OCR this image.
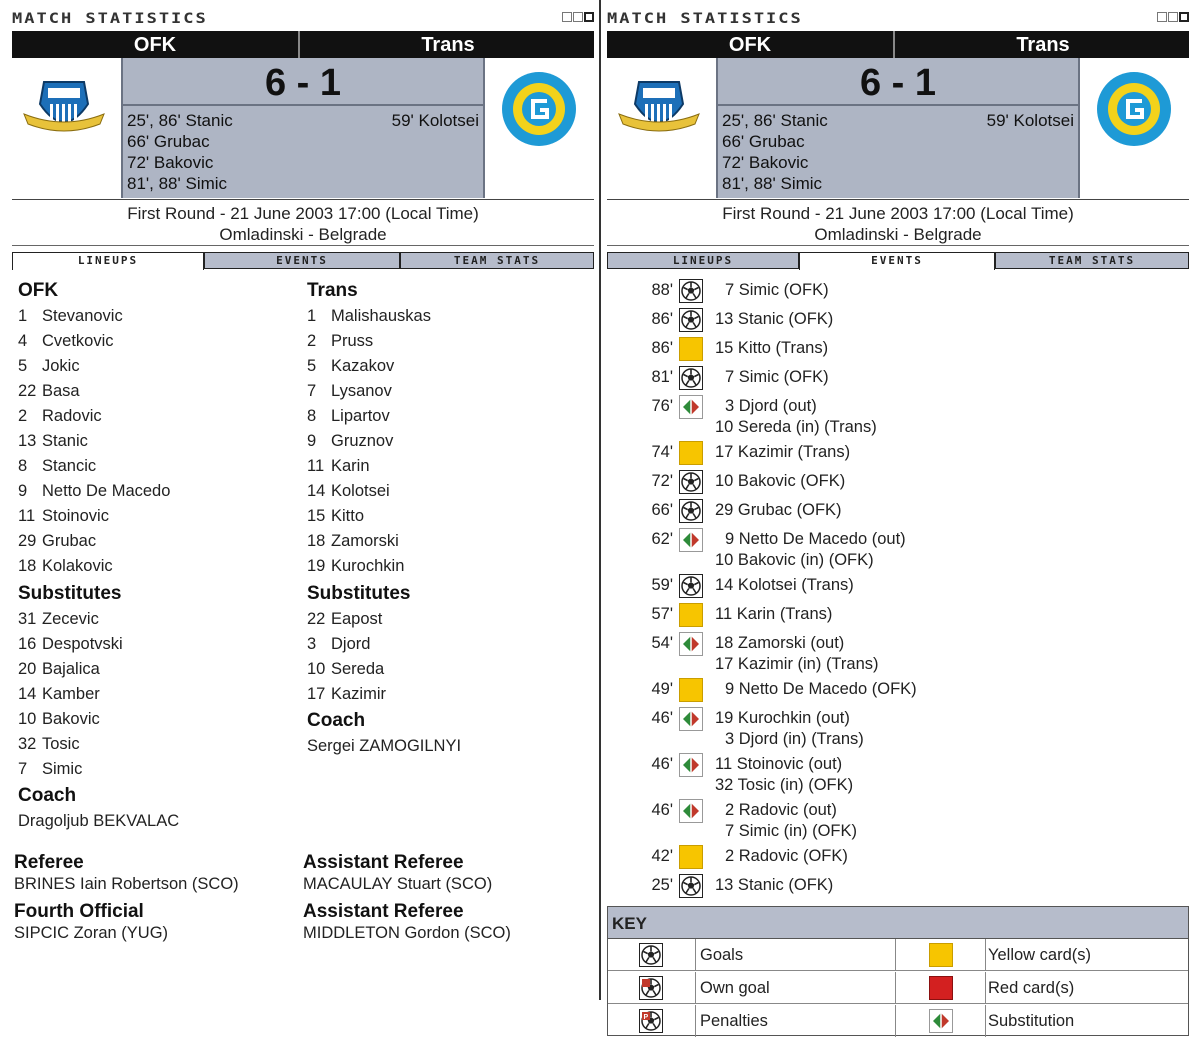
MATCH STATISTICS
OFK	Trans
6 - 1
25', 86' Stanic
66' Grubac
72' Bakovic
81', 88' Simic
59' Kolotsei
First Round - 21 June 2003 17:00 (Local Time)
Omladinski - Belgrade
LINEUPS	EVENTS	TEAM STATS
OFK
1 Stevanovic
4 Cvetkovic
5 Jokic
22 Basa
2 Radovic
13 Stanic
8 Stancic
9 Netto De Macedo
11 Stoinovic
29 Grubac
18 Kolakovic
Substitutes
31 Zecevic
16 Despotvski
20 Bajalica
14 Kamber
10 Bakovic
32 Tosic
7 Simic
Coach
Dragoljub BEKVALAC
Trans
1 Malishauskas
2 Pruss
5 Kazakov
7 Lysanov
8 Lipartov
9 Gruznov
11 Karin
14 Kolotsei
15 Kitto
18 Zamorski
19 Kurochkin
Substitutes
22 Eapost
3 Djord
10 Sereda
17 Kazimir
Coach
Sergei ZAMOGILNYI
Referee
BRINES Iain Robertson (SCO)
Fourth Official
SIPCIC Zoran (YUG)
Assistant Referee
MACAULAY Stuart (SCO)
Assistant Referee
MIDDLETON Gordon (SCO)
MATCH STATISTICS
OFK	Trans
6 - 1
25', 86' Stanic
66' Grubac
72' Bakovic
81', 88' Simic
59' Kolotsei
First Round - 21 June 2003 17:00 (Local Time)
Omladinski - Belgrade
LINEUPS	EVENTS	TEAM STATS
88'	7 Simic (OFK)
86'	13 Stanic (OFK)
86'	15 Kitto (Trans)
81'	7 Simic (OFK)
76'	3 Djord (out)
10 Sereda (in) (Trans)
74'	17 Kazimir (Trans)
72'	10 Bakovic (OFK)
66'	29 Grubac (OFK)
62'	9 Netto De Macedo (out)
10 Bakovic (in) (OFK)
59'	14 Kolotsei (Trans)
57'	11 Karin (Trans)
54'	18 Zamorski (out)
17 Kazimir (in) (Trans)
49'	9 Netto De Macedo (OFK)
46'	19 Kurochkin (out)
3 Djord (in) (Trans)
46'	11 Stoinovic (out)
32 Tosic (in) (OFK)
46'	2 Radovic (out)
7 Simic (in) (OFK)
42'	2 Radovic (OFK)
25'	13 Stanic (OFK)
KEY
Goals	Yellow card(s)
Own goal	Red card(s)
P	Penalties	Substitution
